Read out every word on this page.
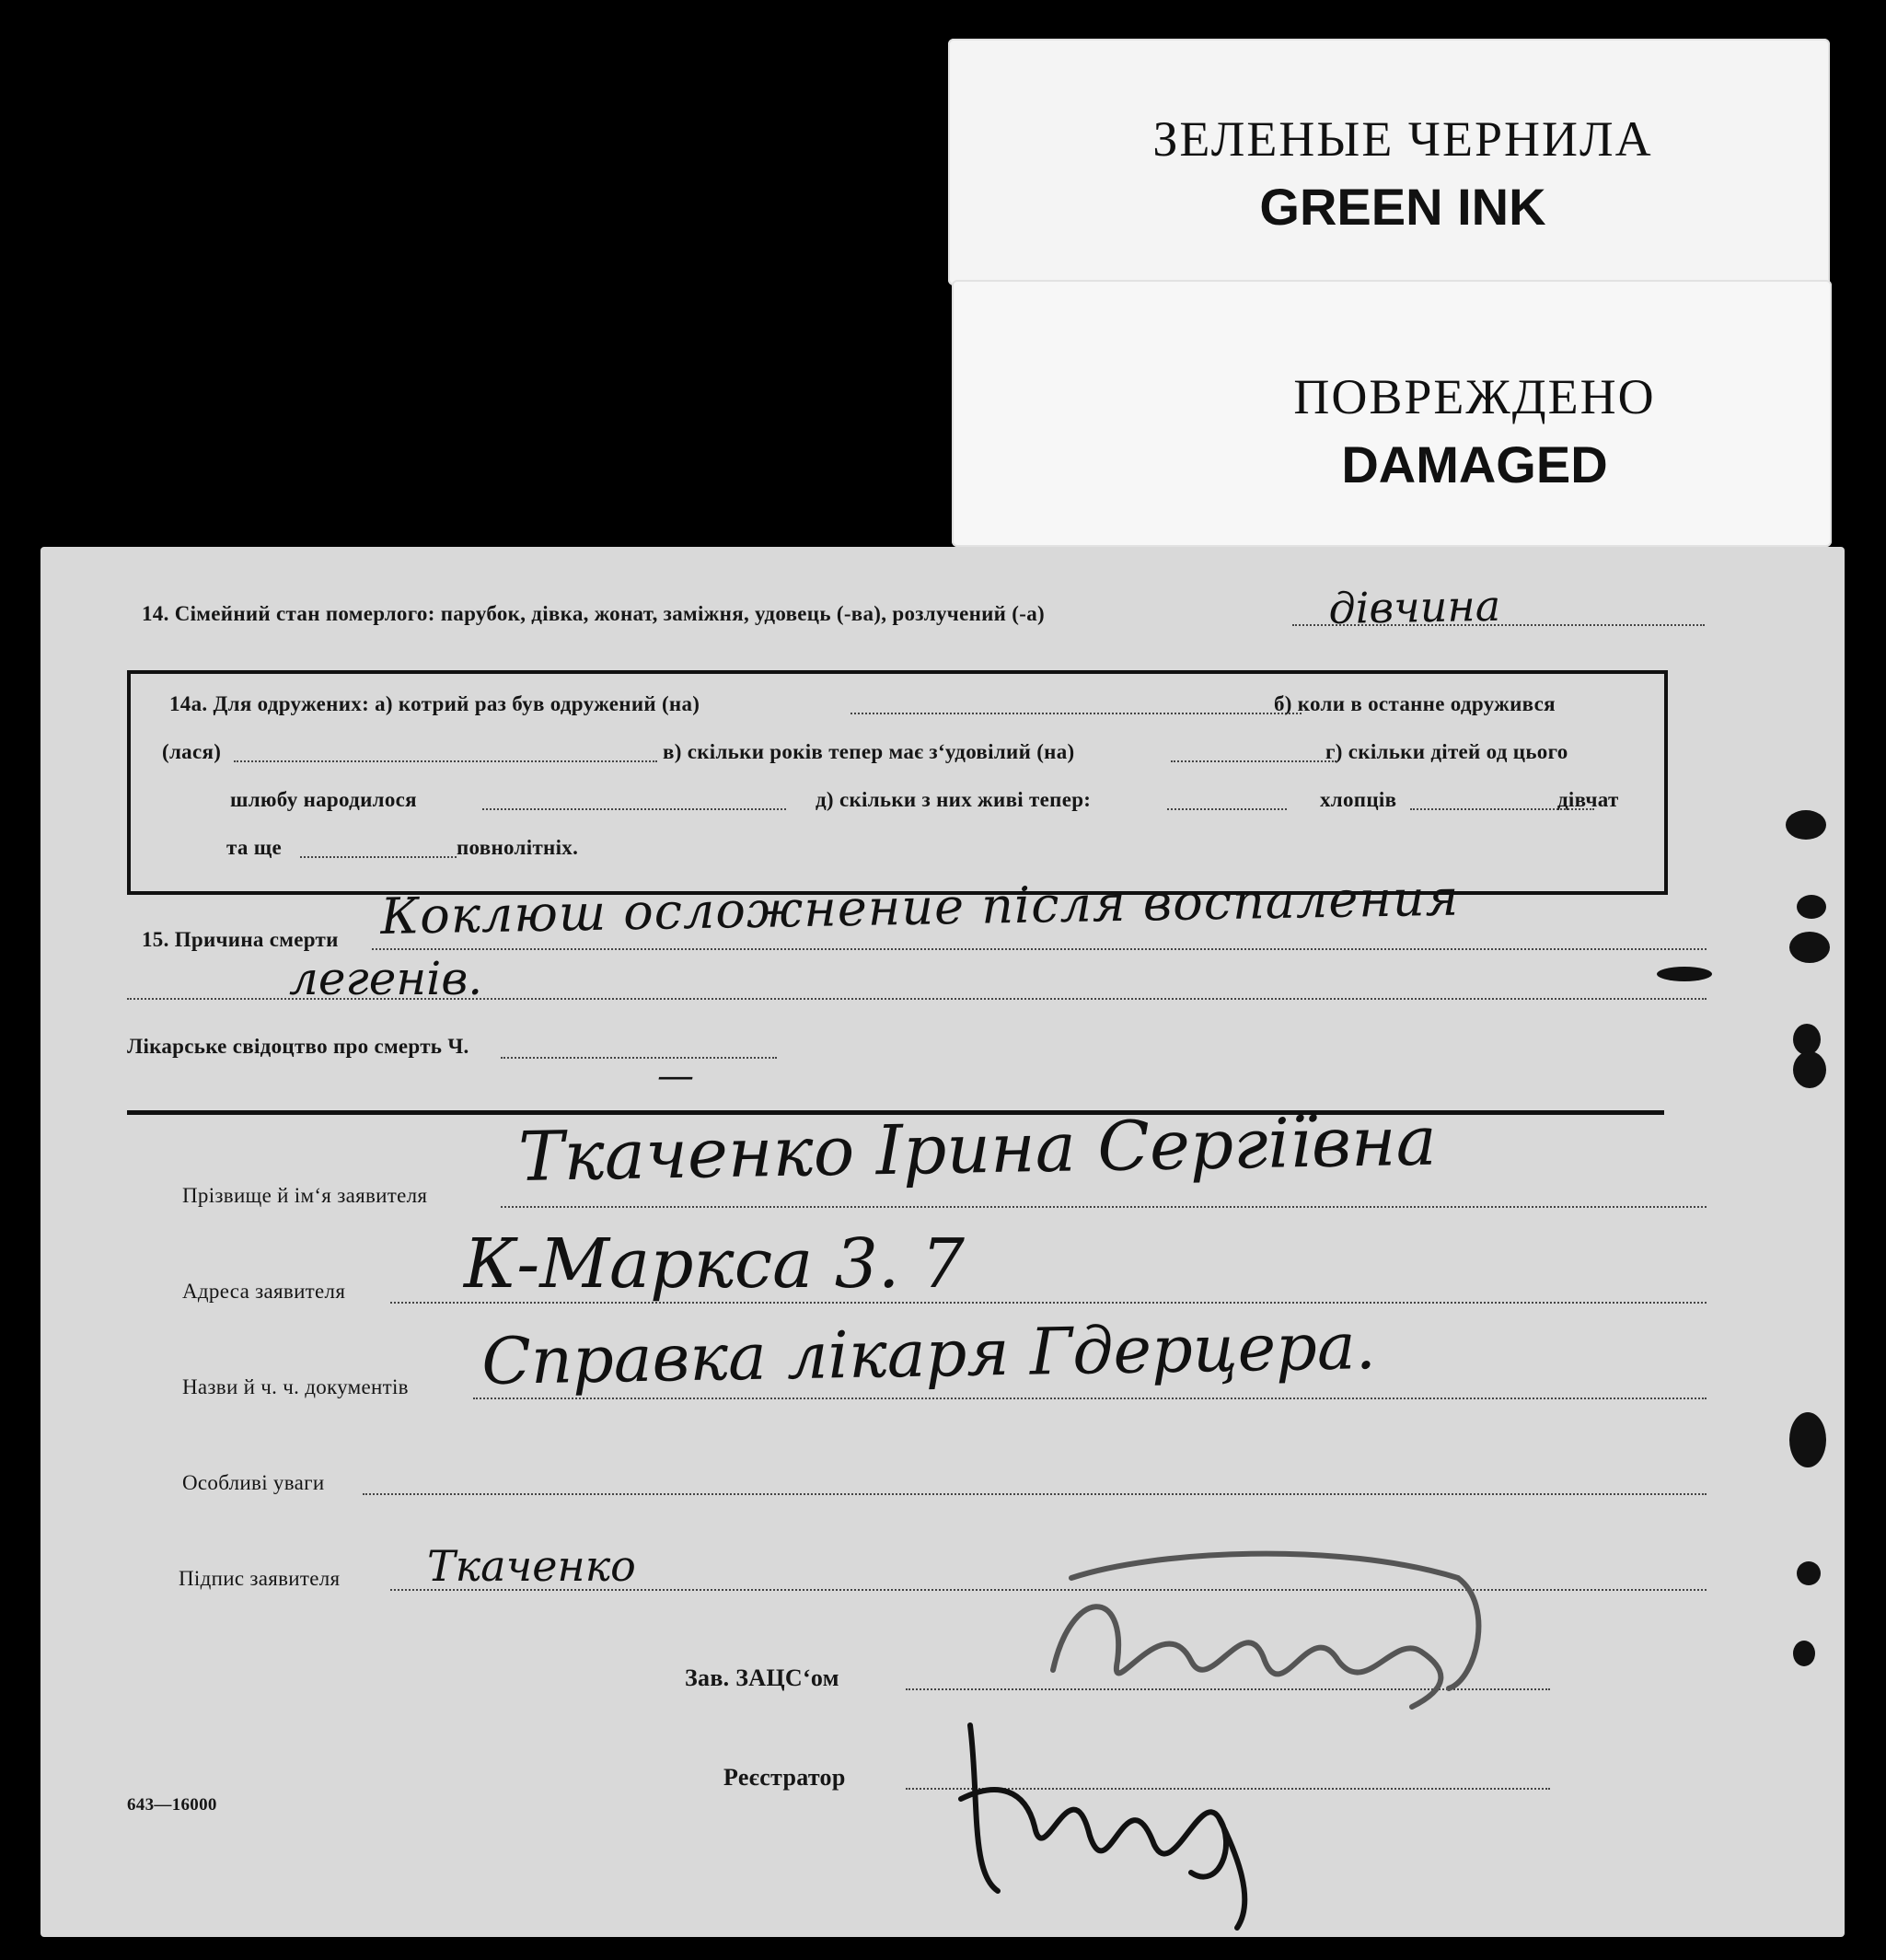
ЗЕЛЕНЫЕ ЧЕРНИЛА
GREEN INK
ПОВРЕЖДЕНО
DAMAGED
14. Сімейний стан померлого: парубок, дівка, жонат, заміжня, удовець (-ва), розлучений (-а)	дівчина
14а. Для одружених: а) котрий раз був одружений (на)	б) коли в останне одружився
(лася)	в) скільки років тепер має з‘удовілий (на)	г) скільки дітей од цього
шлюбу народилося	д) скільки з них живі тепер:	хлопців	дівчат
та ще	повнолітніх.
15. Причина смерти Коклюш осложнение після воспаления
легенів.
Лікарське свідоцтво про смерть Ч.
—
Прізвище й ім‘я заявителя Ткаченко Ірина Сергіївна
Адреса заявителя К-Маркса 3. 7
Назви й ч. ч. документів Справка лікаря Гдерцера.
Особливі уваги
Підпис заявителя Ткаченко
Зав. ЗАЦС‘ом
Реєстратор
643—16000
